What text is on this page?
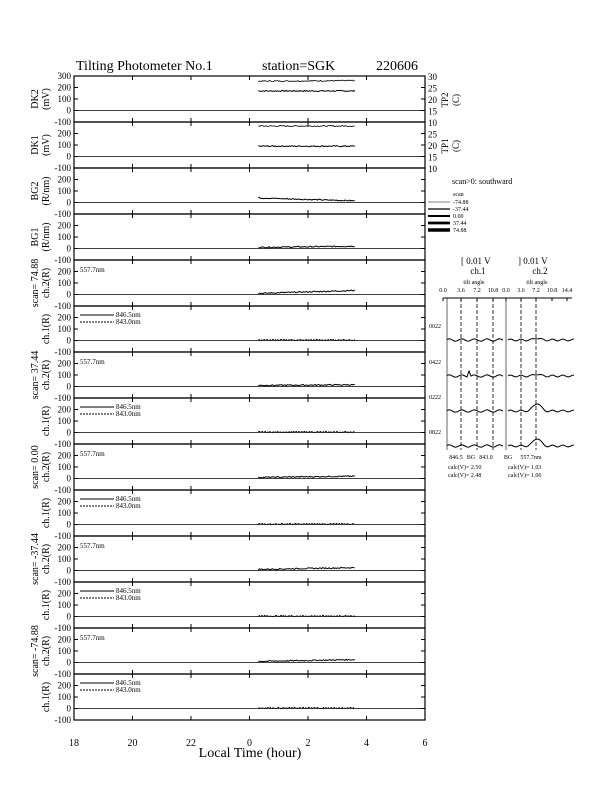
Tilting Photometer No.1	station=SGK	220606
Local Time (hour)
300
200
100
0
-100
DK2 (mV)
200
100
0
-100
DK1 (mV)
200
100
0
-100
BG2 (R/nm)
200
100
0
-100
BG1 (R/nm)
200
100
0
-100
scan= 74.88 ch.2(R)	557.7nm
200
100
0
-100
ch.1(R)	846.5nm
843.0nm
200
100
0
-100
scan= 37.44 ch.2(R)	557.7nm
200
100
0
-100
ch.1(R)	846.5nm
843.0nm
200
100
0
-100
scan= 0.00 ch.2(R)	557.7nm
200
100
0
-100
ch.1(R)	846.5nm
843.0nm
200
100
0
-100
scan= -37.44 ch.2(R)	557.7nm
200
100
0
-100
ch.1(R)	846.5nm
843.0nm
200
100
0
-100
scan= -74.88 ch.2(R)	557.7nm
200
100
0
-100
ch.1(R)	846.5nm
843.0nm
18	20	22	0	2	4	6
30
25
20
15
TP2 (C)
10
25
20
15
10
TP1 (C)
scan>0: southward
scan
-74.88
-37.44
0.00
37.44
74.88
[ 0.01 V	] 0.01 V
ch.1	ch.2
tilt angle	tilt angle
0.0 3.6 7.2 10.8 0.0 3.6 7.2 10.8 14.4
0022
0422
0222
0822
846.5 BG 843.0 BG 557.7nm
calc(V)= 2.50
calc(V)= 2.48
calc(V)= 1.03
calc(V)= 1.06
